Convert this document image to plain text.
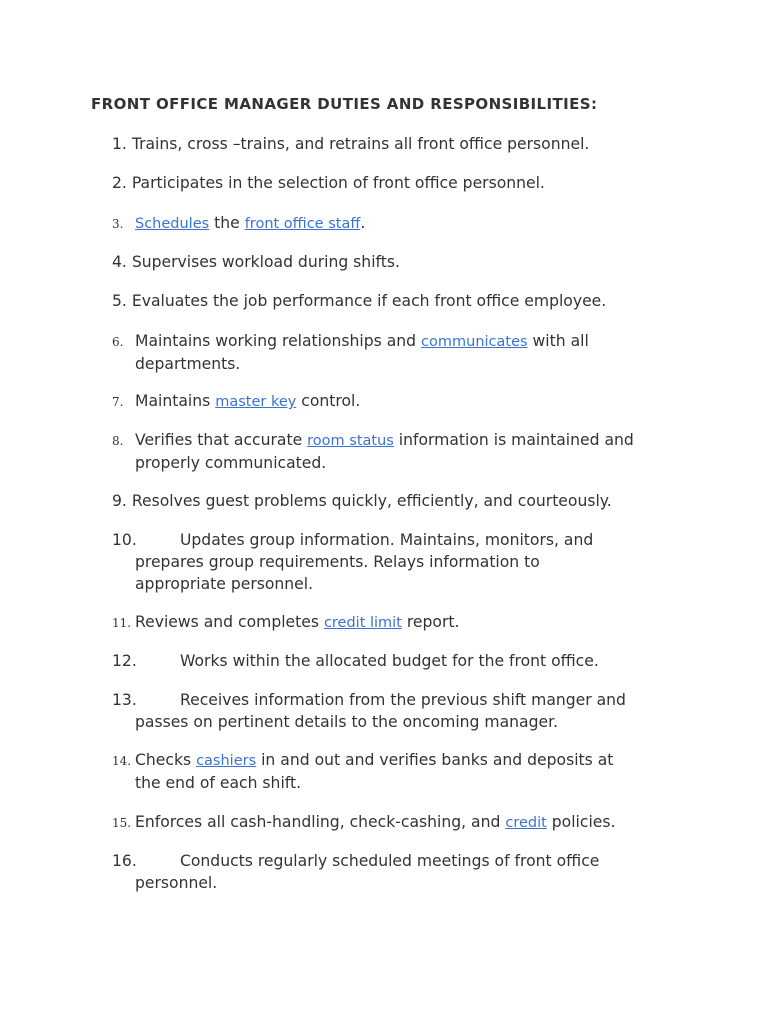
FRONT OFFICE MANAGER DUTIES AND RESPONSIBILITIES:
1. Trains, cross –trains, and retrains all front office personnel.
2. Participates in the selection of front office personnel.
3. Schedules the front office staff.
4. Supervises workload during shifts.
5. Evaluates the job performance if each front office employee.
6. Maintains working relationships and communicates with all
departments.
7. Maintains master key control.
8. Verifies that accurate room status information is maintained and
properly communicated.
9. Resolves guest problems quickly, efficiently, and courteously.
10.	Updates group information. Maintains, monitors, and
prepares group requirements. Relays information to
appropriate personnel.
11. Reviews and completes credit limit report.
12.	Works within the allocated budget for the front office.
13.	Receives information from the previous shift manger and
passes on pertinent details to the oncoming manager.
14. Checks cashiers in and out and verifies banks and deposits at
the end of each shift.
15. Enforces all cash-handling, check-cashing, and credit policies.
16.	Conducts regularly scheduled meetings of front office
personnel.
